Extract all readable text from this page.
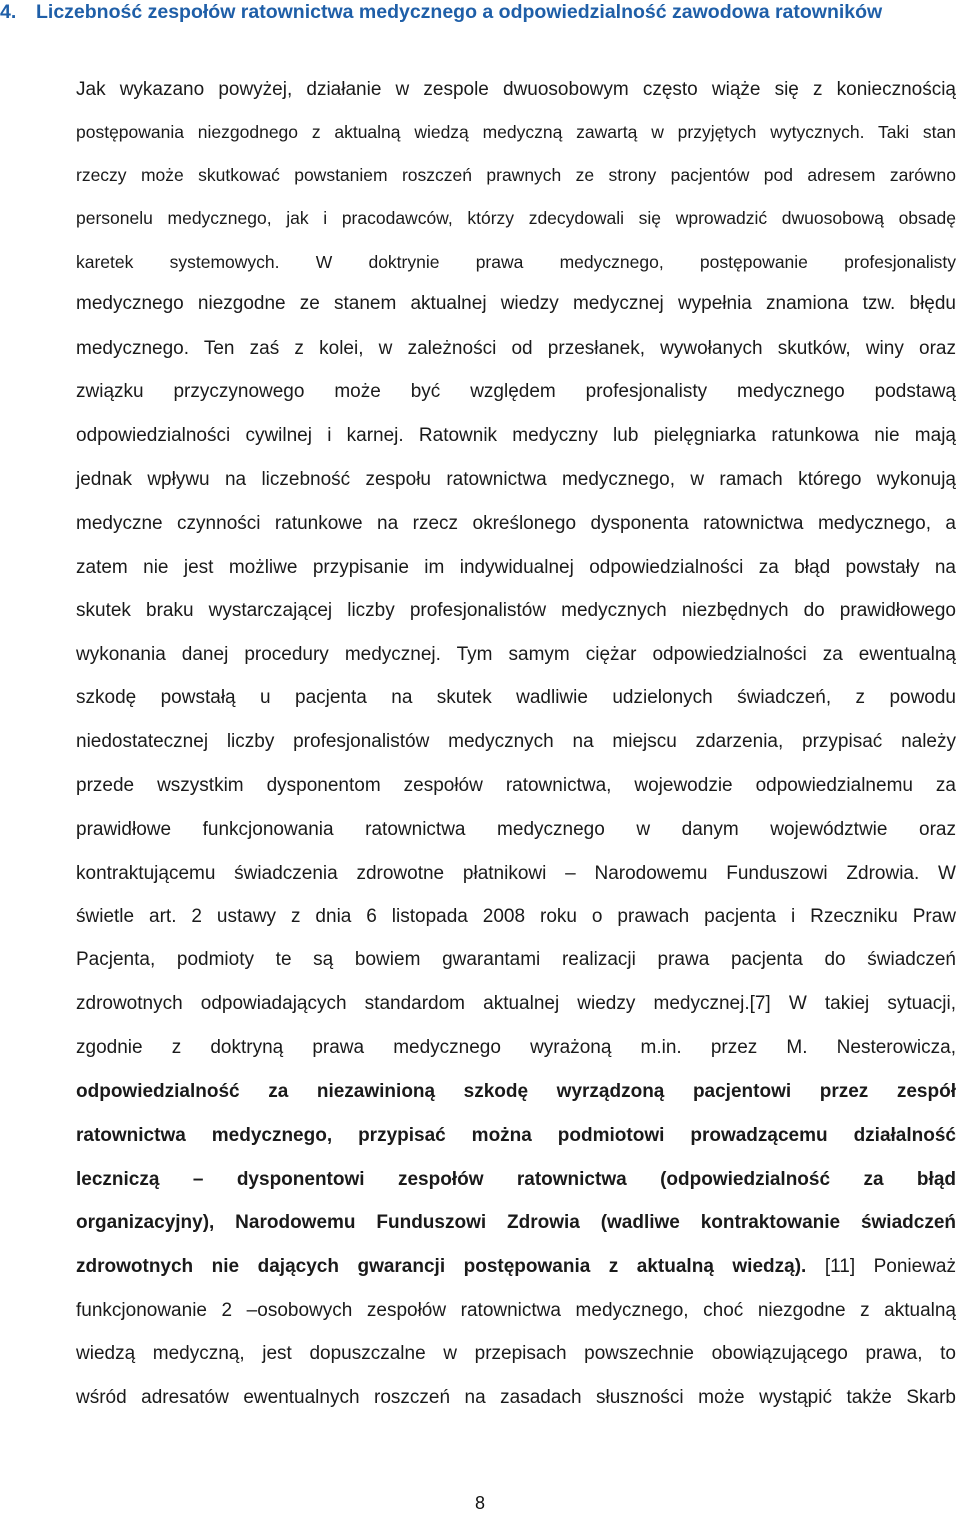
4. Liczebność zespołów ratownictwa medycznego a odpowiedzialność zawodowa ratowników
Jak wykazano powyżej, działanie w zespole dwuosobowym często wiąże się z koniecznością
postępowania niezgodnego z aktualną wiedzą medyczną zawartą w przyjętych wytycznych. Taki stan
rzeczy może skutkować powstaniem roszczeń prawnych ze strony pacjentów pod adresem zarówno
personelu medycznego, jak i pracodawców, którzy zdecydowali się wprowadzić dwuosobową obsadę
karetek systemowych. W doktrynie prawa medycznego, postępowanie profesjonalisty
medycznego niezgodne ze stanem aktualnej wiedzy medycznej wypełnia znamiona tzw. błędu
medycznego. Ten zaś z kolei, w zależności od przesłanek, wywołanych skutków, winy oraz
związku przyczynowego może być względem profesjonalisty medycznego podstawą
odpowiedzialności cywilnej i karnej. Ratownik medyczny lub pielęgniarka ratunkowa nie mają
jednak wpływu na liczebność zespołu ratownictwa medycznego, w ramach którego wykonują
medyczne czynności ratunkowe na rzecz określonego dysponenta ratownictwa medycznego, a
zatem nie jest możliwe przypisanie im indywidualnej odpowiedzialności za błąd powstały na
skutek braku wystarczającej liczby profesjonalistów medycznych niezbędnych do prawidłowego
wykonania danej procedury medycznej. Tym samym ciężar odpowiedzialności za ewentualną
szkodę powstałą u pacjenta na skutek wadliwie udzielonych świadczeń, z powodu
niedostatecznej liczby profesjonalistów medycznych na miejscu zdarzenia, przypisać należy
przede wszystkim dysponentom zespołów ratownictwa, wojewodzie odpowiedzialnemu za
prawidłowe funkcjonowania ratownictwa medycznego w danym województwie oraz
kontraktującemu świadczenia zdrowotne płatnikowi – Narodowemu Funduszowi Zdrowia. W
świetle art. 2 ustawy z dnia 6 listopada 2008 roku o prawach pacjenta i Rzeczniku Praw
Pacjenta, podmioty te są bowiem gwarantami realizacji prawa pacjenta do świadczeń
zdrowotnych odpowiadających standardom aktualnej wiedzy medycznej.[7] W takiej sytuacji,
zgodnie z doktryną prawa medycznego wyrażoną m.in. przez M. Nesterowicza,
odpowiedzialność za niezawinioną szkodę wyrządzoną pacjentowi przez zespół
ratownictwa medycznego, przypisać można podmiotowi prowadzącemu działalność
leczniczą – dysponentowi zespołów ratownictwa (odpowiedzialność za błąd
organizacyjny), Narodowemu Funduszowi Zdrowia (wadliwe kontraktowanie świadczeń
zdrowotnych nie dających gwarancji postępowania z aktualną wiedzą). [11] Ponieważ
funkcjonowanie 2 –osobowych zespołów ratownictwa medycznego, choć niezgodne z aktualną
wiedzą medyczną, jest dopuszczalne w przepisach powszechnie obowiązującego prawa, to
wśród adresatów ewentualnych roszczeń na zasadach słuszności może wystąpić także Skarb
8
